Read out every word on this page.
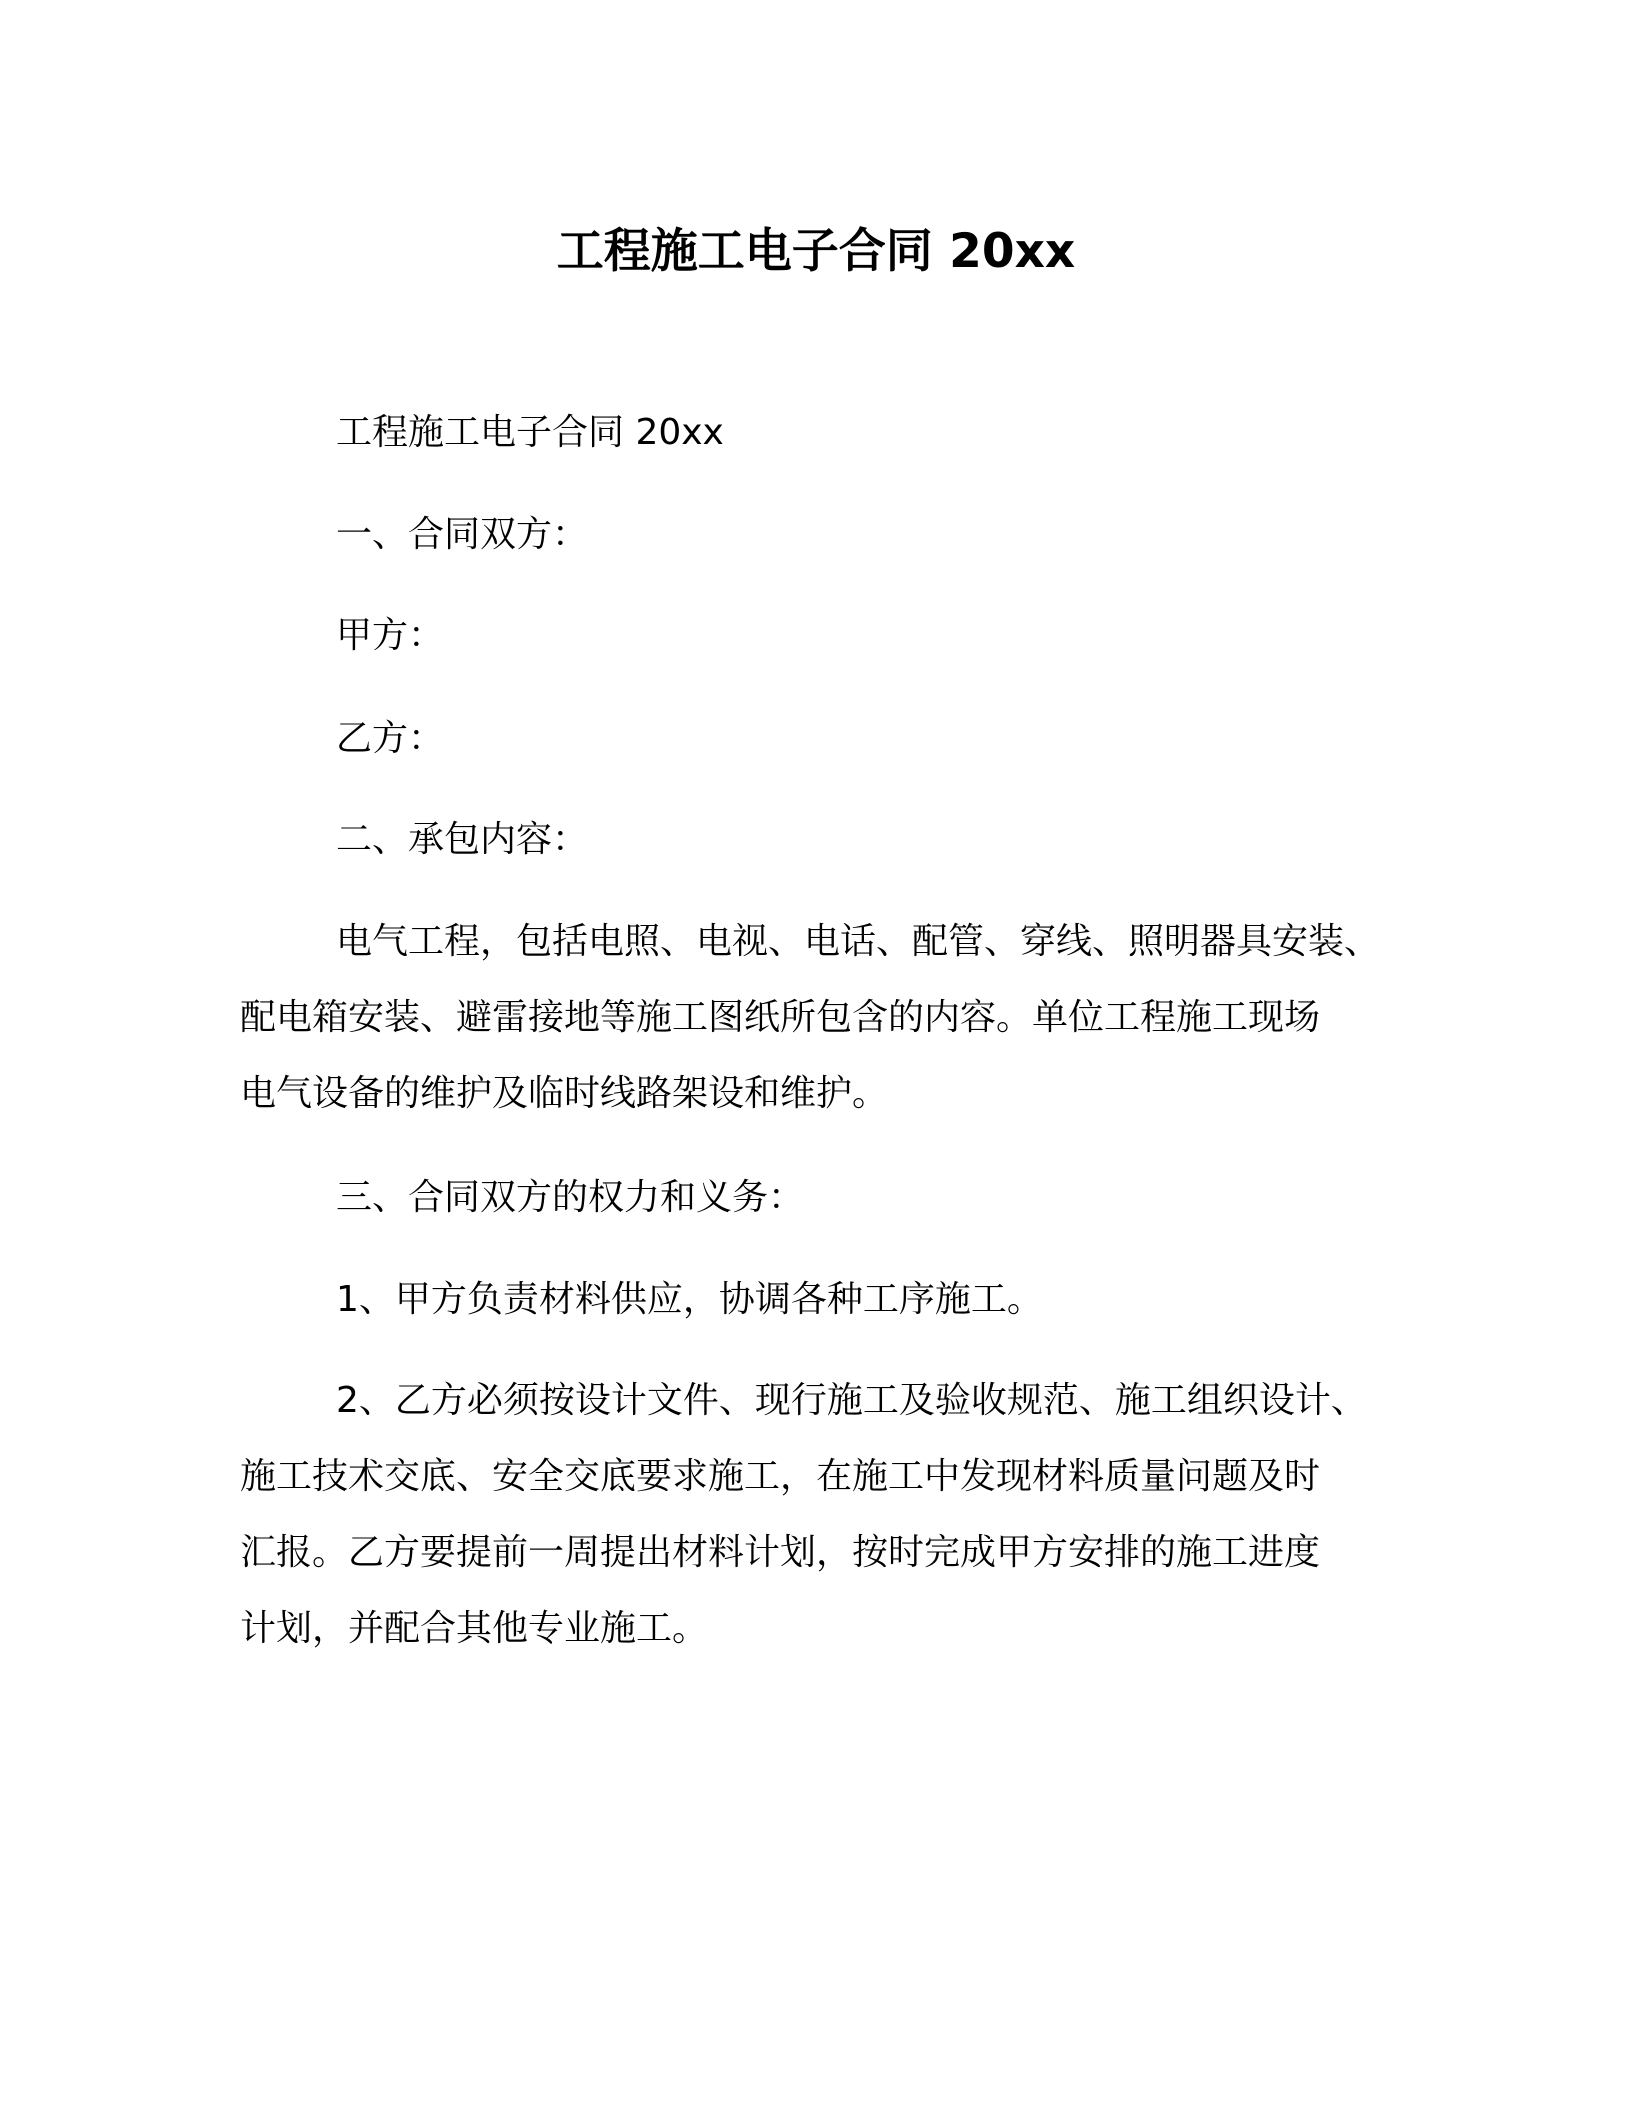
工程施工电子合同 20xx
工程施工电子合同 20xx
一、合同双方：
甲方：
乙方：
二、承包内容：
电气工程，包括电照、电视、电话、配管、穿线、照明器具安装、
配电箱安装、避雷接地等施工图纸所包含的内容。单位工程施工现场
电气设备的维护及临时线路架设和维护。
三、合同双方的权力和义务：
1、甲方负责材料供应，协调各种工序施工。
2、乙方必须按设计文件、现行施工及验收规范、施工组织设计、
施工技术交底、安全交底要求施工，在施工中发现材料质量问题及时
汇报。乙方要提前一周提出材料计划，按时完成甲方安排的施工进度
计划，并配合其他专业施工。
